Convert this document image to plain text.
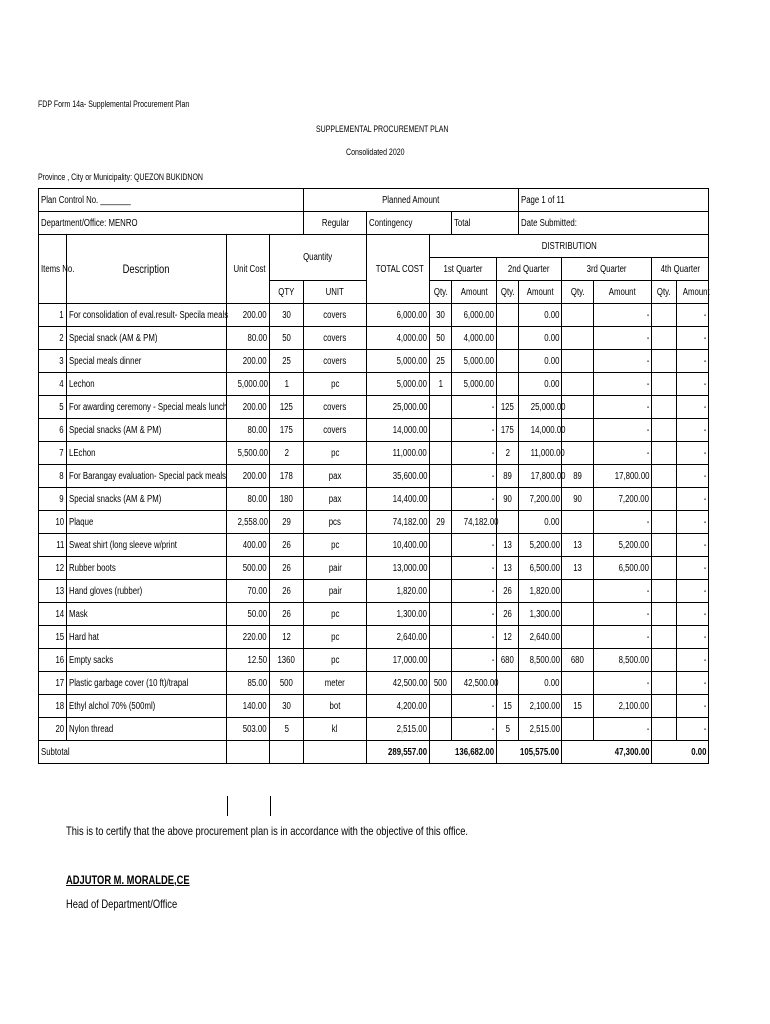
FDP Form 14a- Supplemental Procurement Plan
SUPPLEMENTAL PROCUREMENT PLAN
Consolidated 2020
Province , City or Municipality: QUEZON BUKIDNON
Plan Control No. _______				Planned Amount					Page 1 of 11				
Department/Office: MENRO				Regular	Contingency		Total		Date Submitted:				
Items No.	Description	Unit Cost	Quantity		TOTAL COST	DISTRIBUTION							
						1st Quarter		2nd Quarter		3rd Quarter		4th Quarter	
			QTY	UNIT		Qty.	Amount	Qty.	Amount	Qty.	Amount	Qty.	Amount
1	For consolidation of eval.result- Specila meals	200.00	30	covers	6,000.00	30	6,000.00		0.00		-		-
2	Special snack (AM & PM)	80.00	50	covers	4,000.00	50	4,000.00		0.00		-		-
3	Special meals dinner	200.00	25	covers	5,000.00	25	5,000.00		0.00		-		-
4	Lechon	5,000.00	1	pc	5,000.00	1	5,000.00		0.00		-		-
5	For awarding ceremony - Special meals lunch	200.00	125	covers	25,000.00		-	125	25,000.00		-		-
6	Special snacks (AM & PM)	80.00	175	covers	14,000.00		-	175	14,000.00		-		-
7	LEchon	5,500.00	2	pc	11,000.00		-	2	11,000.00		-		-
8	For Barangay evaluation- Special pack meals	200.00	178	pax	35,600.00		-	89	17,800.00	89	17,800.00		-
9	Special snacks (AM & PM)	80.00	180	pax	14,400.00		-	90	7,200.00	90	7,200.00		-
10	Plaque	2,558.00	29	pcs	74,182.00	29	74,182.00		0.00		-		-
11	Sweat shirt (long sleeve w/print	400.00	26	pc	10,400.00		-	13	5,200.00	13	5,200.00		-
12	Rubber boots	500.00	26	pair	13,000.00		-	13	6,500.00	13	6,500.00		-
13	Hand gloves (rubber)	70.00	26	pair	1,820.00		-	26	1,820.00		-		-
14	Mask	50.00	26	pc	1,300.00		-	26	1,300.00		-		-
15	Hard hat	220.00	12	pc	2,640.00		-	12	2,640.00		-		-
16	Empty sacks	12.50	1360	pc	17,000.00		-	680	8,500.00	680	8,500.00		-
17	Plastic garbage cover (10 ft)/trapal	85.00	500	meter	42,500.00	500	42,500.00		0.00		-		-
18	Ethyl alchol 70% (500ml)	140.00	30	bot	4,200.00		-	15	2,100.00	15	2,100.00		-
20	Nylon thread	503.00	5	kl	2,515.00		-	5	2,515.00		-		-
Subtotal					289,557.00	136,682.00		105,575.00		47,300.00		0.00	
This is to certify that the above procurement plan is in accordance with the objective of this office.
ADJUTOR M. MORALDE,CE
Head of Department/Office
